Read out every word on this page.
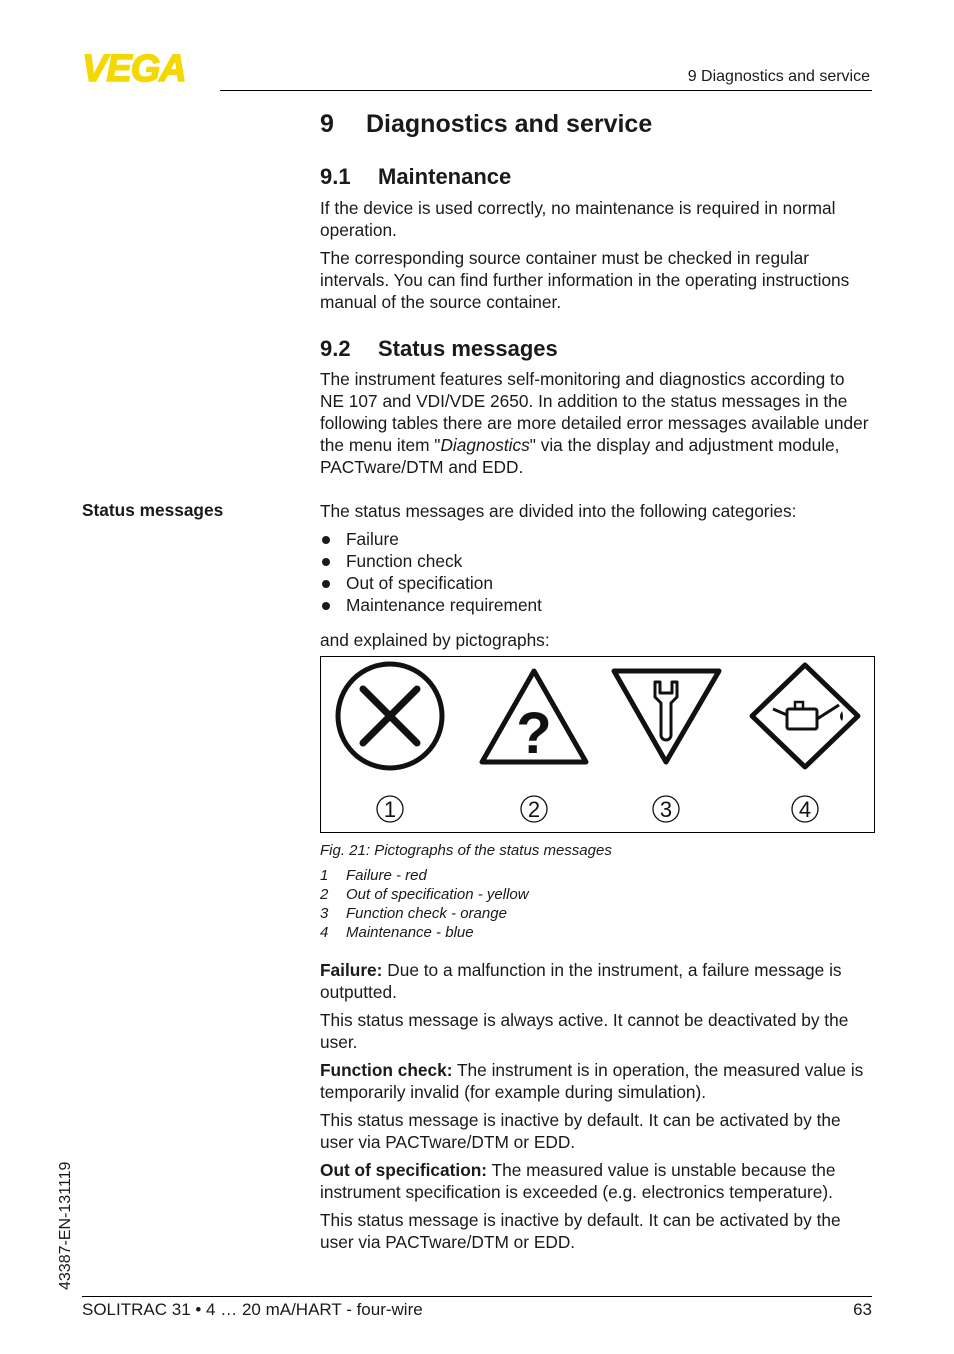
VEGA	9 Diagnostics and service
9 Diagnostics and service
9.1 Maintenance

If the device is used correctly, no maintenance is required in normal operation.

The corresponding source container must be checked in regular intervals. You can find further information in the operating instructions manual of the source container.

9.2 Status messages

The instrument features self-monitoring and diagnostics according to NE 107 and VDI/VDE 2650. In addition to the status messages in the following tables there are more detailed error messages available under the menu item "Diagnostics" via the display and adjustment module, PACTware/DTM and EDD.

Status messages	The status messages are divided into the following categories:

Failure
Function check
Out of specification
Maintenance requirement
and explained by pictographs:
?
1	2	3	4
Fig. 21: Pictographs of the status messages
1 Failure - red
2 Out of specification - yellow
3 Function check - orange
4 Maintenance - blue

Failure: Due to a malfunction in the instrument, a failure message is outputted.

This status message is always active. It cannot be deactivated by the user.

Function check: The instrument is in operation, the measured value is temporarily invalid (for example during simulation).

This status message is inactive by default. It can be activated by the user via PACTware/DTM or EDD.

Out of specification: The measured value is unstable because the instrument specification is exceeded (e.g. electronics temperature).

This status message is inactive by default. It can be activated by the user via PACTware/DTM or EDD.

43387-EN-131119
SOLITRAC 31 • 4 … 20 mA/HART - four-wire	63
